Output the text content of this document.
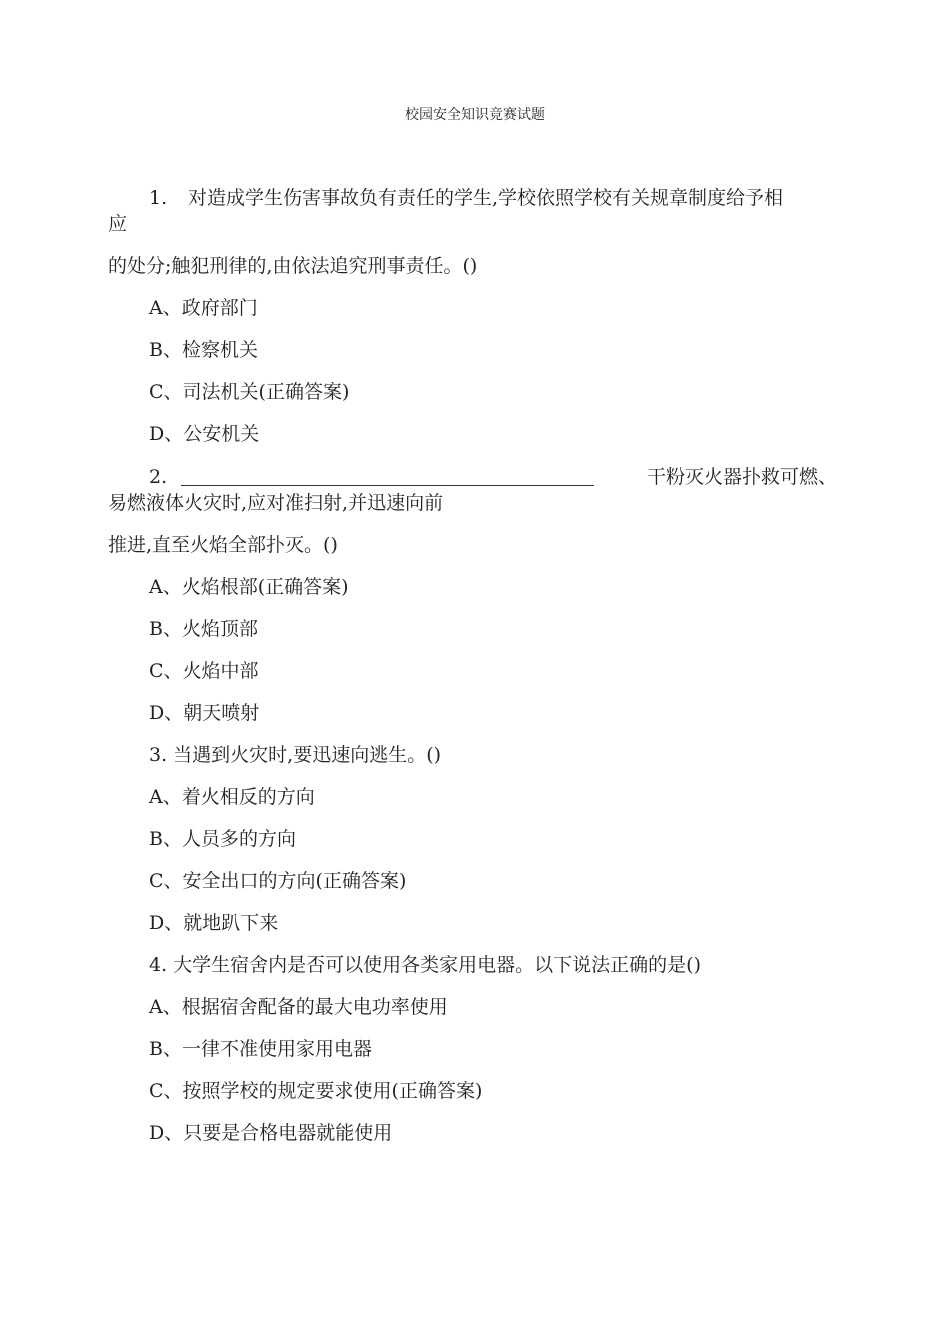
校园安全知识竞赛试题
1. 对造成学生伤害事故负有责任的学生,学校依照学校有关规章制度给予相
应
的处分;触犯刑律的,由依法追究刑事责任。()
A、政府部门
B、检察机关
C、司法机关(正确答案)
D、公安机关
2.	干粉灭火器扑救可燃、
易燃液体火灾时,应对准扫射,并迅速向前
推进,直至火焰全部扑灭。()
A、火焰根部(正确答案)
B、火焰顶部
C、火焰中部
D、朝天喷射
3. 当遇到火灾时,要迅速向逃生。()
A、着火相反的方向
B、人员多的方向
C、安全出口的方向(正确答案)
D、就地趴下来
4. 大学生宿舍内是否可以使用各类家用电器。以下说法正确的是()
A、根据宿舍配备的最大电功率使用
B、一律不准使用家用电器
C、按照学校的规定要求使用(正确答案)
D、只要是合格电器就能使用
